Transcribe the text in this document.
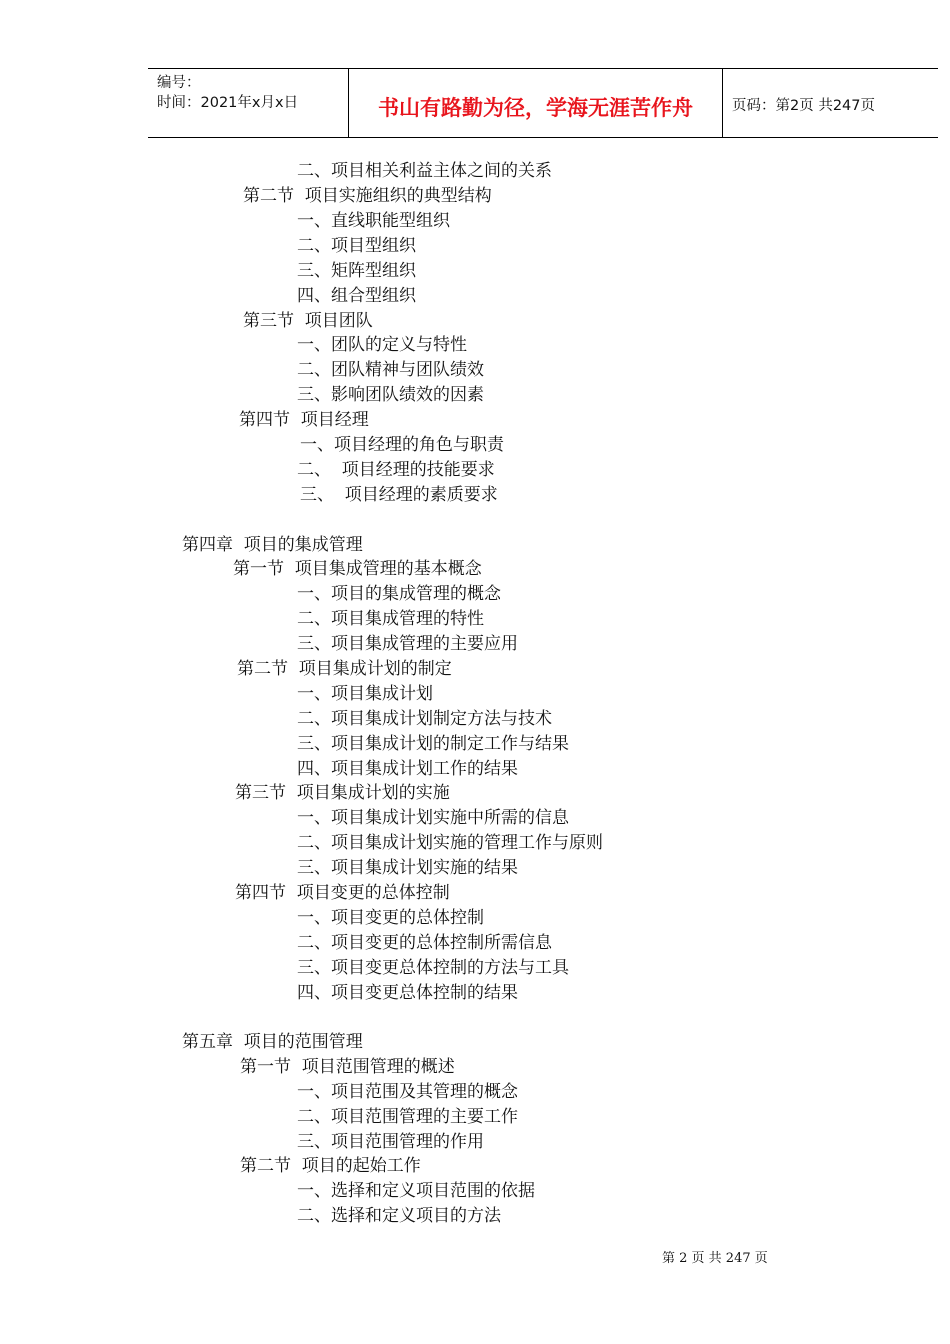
编号：
时间：2021年x月x日	书山有路勤为径，学海无涯苦作舟	页码：第2页 共247页
二、项目相关利益主体之间的关系
第二节  项目实施组织的典型结构
一、直线职能型组织
二、项目型组织
三、矩阵型组织
四、组合型组织
第三节  项目团队
一、团队的定义与特性
二、团队精神与团队绩效
三、影响团队绩效的因素
第四节  项目经理
一、项目经理的角色与职责
二、  项目经理的技能要求
三、  项目经理的素质要求
第四章  项目的集成管理
第一节  项目集成管理的基本概念
一、项目的集成管理的概念
二、项目集成管理的特性
三、项目集成管理的主要应用
第二节  项目集成计划的制定
一、项目集成计划
二、项目集成计划制定方法与技术
三、项目集成计划的制定工作与结果
四、项目集成计划工作的结果
第三节  项目集成计划的实施
一、项目集成计划实施中所需的信息
二、项目集成计划实施的管理工作与原则
三、项目集成计划实施的结果
第四节  项目变更的总体控制
一、项目变更的总体控制
二、项目变更的总体控制所需信息
三、项目变更总体控制的方法与工具
四、项目变更总体控制的结果
第五章  项目的范围管理
第一节  项目范围管理的概述
一、项目范围及其管理的概念
二、项目范围管理的主要工作
三、项目范围管理的作用
第二节  项目的起始工作
一、选择和定义项目范围的依据
二、选择和定义项目的方法
第 2 页 共 247 页
